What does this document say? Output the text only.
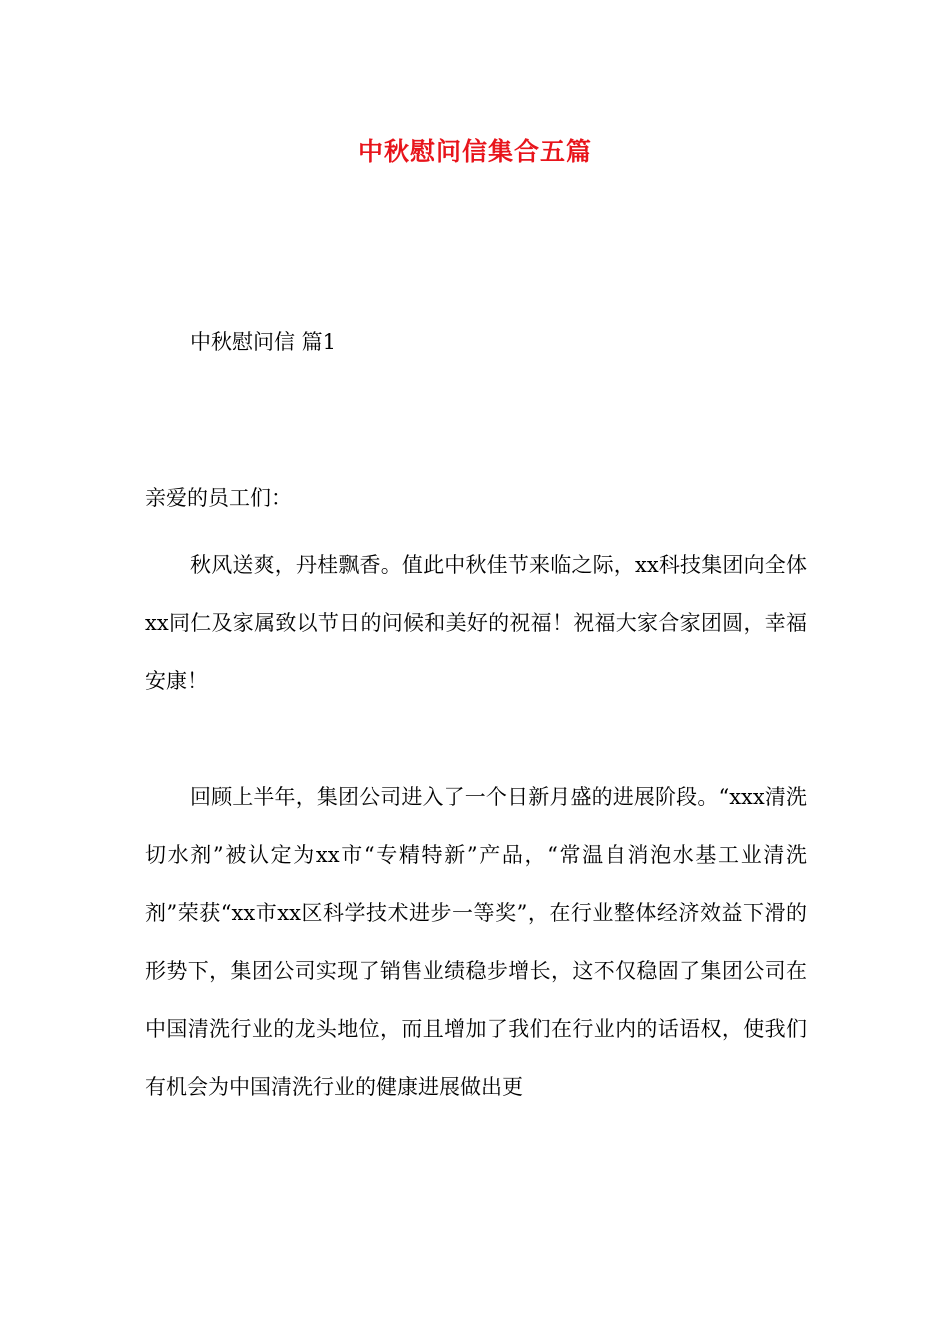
中秋慰问信集合五篇
中秋慰问信 篇1
亲爱的员工们：

秋风送爽，丹桂飘香。值此中秋佳节来临之际，xx科技集团向全体xx同仁及家属致以节日的问候和美好的祝福！祝福大家合家团圆，幸福安康！

回顾上半年，集团公司进入了一个日新月盛的进展阶段。“xxx清洗切水剂”被认定为xx市“专精特新”产品，“常温自消泡水基工业清洗剂”荣获“xx市xx区科学技术进步一等奖”，在行业整体经济效益下滑的形势下，集团公司实现了销售业绩稳步增长，这不仅稳固了集团公司在中国清洗行业的龙头地位，而且增加了我们在行业内的话语权，使我们有机会为中国清洗行业的健康进展做出更
